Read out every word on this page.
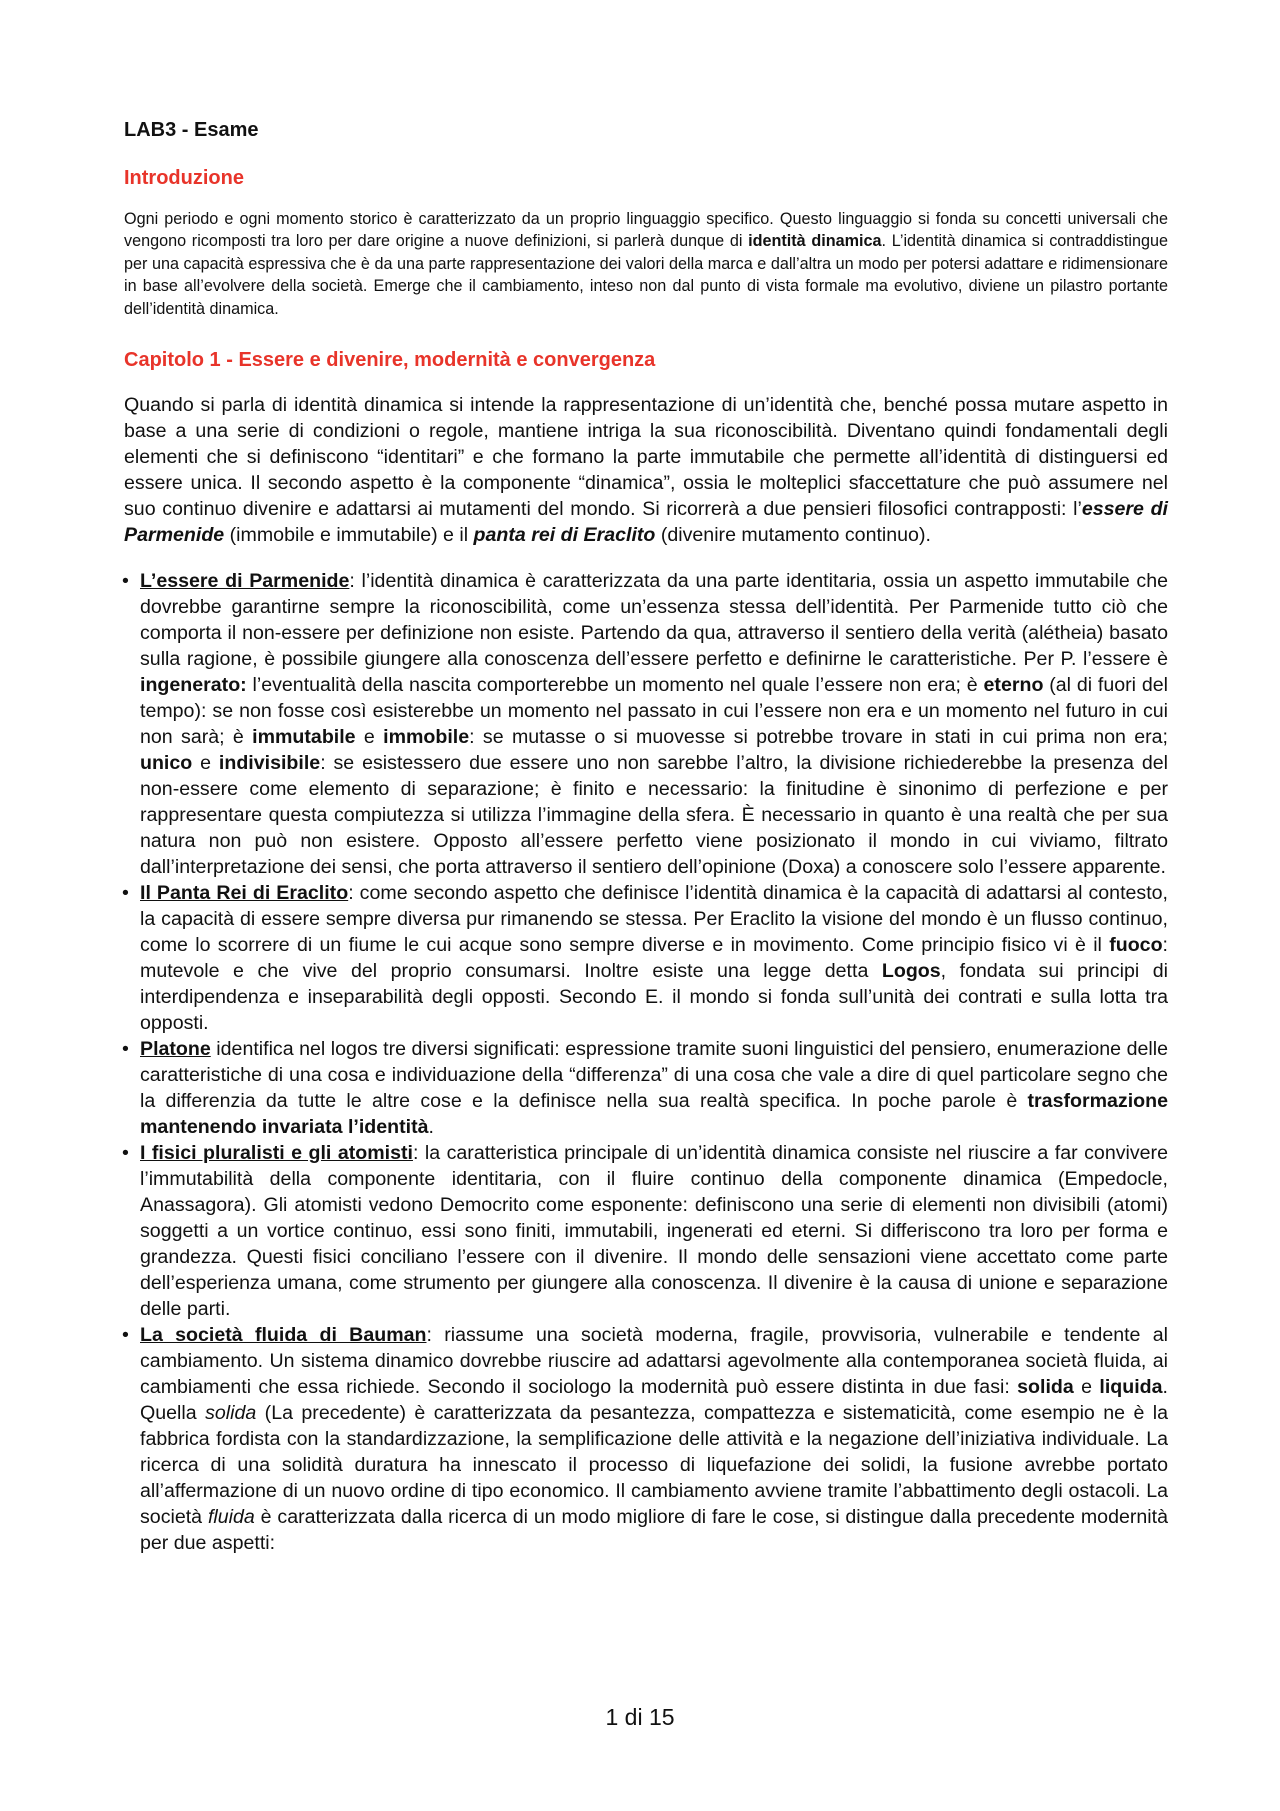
LAB3 - Esame
Introduzione

Ogni periodo e ogni momento storico è caratterizzato da un proprio linguaggio specifico. Questo linguaggio si fonda su concetti universali che vengono ricomposti tra loro per dare origine a nuove definizioni, si parlerà dunque di identità dinamica. L’identità dinamica si contraddistingue per una capacità espressiva che è da una parte rappresentazione dei valori della marca e dall’altra un modo per potersi adattare e ridimensionare in base all’evolvere della società. Emerge che il cambiamento, inteso non dal punto di vista formale ma evolutivo, diviene un pilastro portante dell’identità dinamica.

Capitolo 1 - Essere e divenire, modernità e convergenza

Quando si parla di identità dinamica si intende la rappresentazione di un’identità che, benché possa mutare aspetto in base a una serie di condizioni o regole, mantiene intriga la sua riconoscibilità. Diventano quindi fondamentali degli elementi che si definiscono “identitari” e che formano la parte immutabile che permette all’identità di distinguersi ed essere unica. Il secondo aspetto è la componente “dinamica”, ossia le molteplici sfaccettature che può assumere nel suo continuo divenire e adattarsi ai mutamenti del mondo. Si ricorrerà a due pensieri filosofici contrapposti: l’essere di Parmenide (immobile e immutabile) e il panta rei di Eraclito (divenire mutamento continuo).

• L’essere di Parmenide: l’identità dinamica è caratterizzata da una parte identitaria, ossia un aspetto immutabile che dovrebbe garantirne sempre la riconoscibilità, come un’essenza stessa dell’identità. Per Parmenide tutto ciò che comporta il non-essere per definizione non esiste. Partendo da qua, attraverso il sentiero della verità (alétheia) basato sulla ragione, è possibile giungere alla conoscenza dell’essere perfetto e definirne le caratteristiche. Per P. l’essere è ingenerato: l’eventualità della nascita comporterebbe un momento nel quale l’essere non era; è eterno (al di fuori del tempo): se non fosse così esisterebbe un momento nel passato in cui l’essere non era e un momento nel futuro in cui non sarà; è immutabile e immobile: se mutasse o si muovesse si potrebbe trovare in stati in cui prima non era; unico e indivisibile: se esistessero due essere uno non sarebbe l’altro, la divisione richiederebbe la presenza del non-essere come elemento di separazione; è finito e necessario: la finitudine è sinonimo di perfezione e per rappresentare questa compiutezza si utilizza l’immagine della sfera. È necessario in quanto è una realtà che per sua natura non può non esistere. Opposto all’essere perfetto viene posizionato il mondo in cui viviamo, filtrato dall’interpretazione dei sensi, che porta attraverso il sentiero dell’opinione (Doxa) a conoscere solo l’essere apparente.
• Il Panta Rei di Eraclito: come secondo aspetto che definisce l’identità dinamica è la capacità di adattarsi al contesto, la capacità di essere sempre diversa pur rimanendo se stessa. Per Eraclito la visione del mondo è un flusso continuo, come lo scorrere di un fiume le cui acque sono sempre diverse e in movimento. Come principio fisico vi è il fuoco: mutevole e che vive del proprio consumarsi. Inoltre esiste una legge detta Logos, fondata sui principi di interdipendenza e inseparabilità degli opposti. Secondo E. il mondo si fonda sull’unità dei contrati e sulla lotta tra opposti.
• Platone identifica nel logos tre diversi significati: espressione tramite suoni linguistici del pensiero, enumerazione delle caratteristiche di una cosa e individuazione della “differenza” di una cosa che vale a dire di quel particolare segno che la differenzia da tutte le altre cose e la definisce nella sua realtà specifica. In poche parole è trasformazione mantenendo invariata l’identità.
• I fisici pluralisti e gli atomisti: la caratteristica principale di un’identità dinamica consiste nel riuscire a far convivere l’immutabilità della componente identitaria, con il fluire continuo della componente dinamica (Empedocle, Anassagora). Gli atomisti vedono Democrito come esponente: definiscono una serie di elementi non divisibili (atomi) soggetti a un vortice continuo, essi sono finiti, immutabili, ingenerati ed eterni. Si differiscono tra loro per forma e grandezza. Questi fisici conciliano l’essere con il divenire. Il mondo delle sensazioni viene accettato come parte dell’esperienza umana, come strumento per giungere alla conoscenza. Il divenire è la causa di unione e separazione delle parti.
• La società fluida di Bauman: riassume una società moderna, fragile, provvisoria, vulnerabile e tendente al cambiamento. Un sistema dinamico dovrebbe riuscire ad adattarsi agevolmente alla contemporanea società fluida, ai cambiamenti che essa richiede. Secondo il sociologo la modernità può essere distinta in due fasi: solida e liquida. Quella solida (La precedente) è caratterizzata da pesantezza, compattezza e sistematicità, come esempio ne è la fabbrica fordista con la standardizzazione, la semplificazione delle attività e la negazione dell’iniziativa individuale. La ricerca di una solidità duratura ha innescato il processo di liquefazione dei solidi, la fusione avrebbe portato all’affermazione di un nuovo ordine di tipo economico. Il cambiamento avviene tramite l’abbattimento degli ostacoli. La società fluida è caratterizzata dalla ricerca di un modo migliore di fare le cose, si distingue dalla precedente modernità per due aspetti:
1 di 15
